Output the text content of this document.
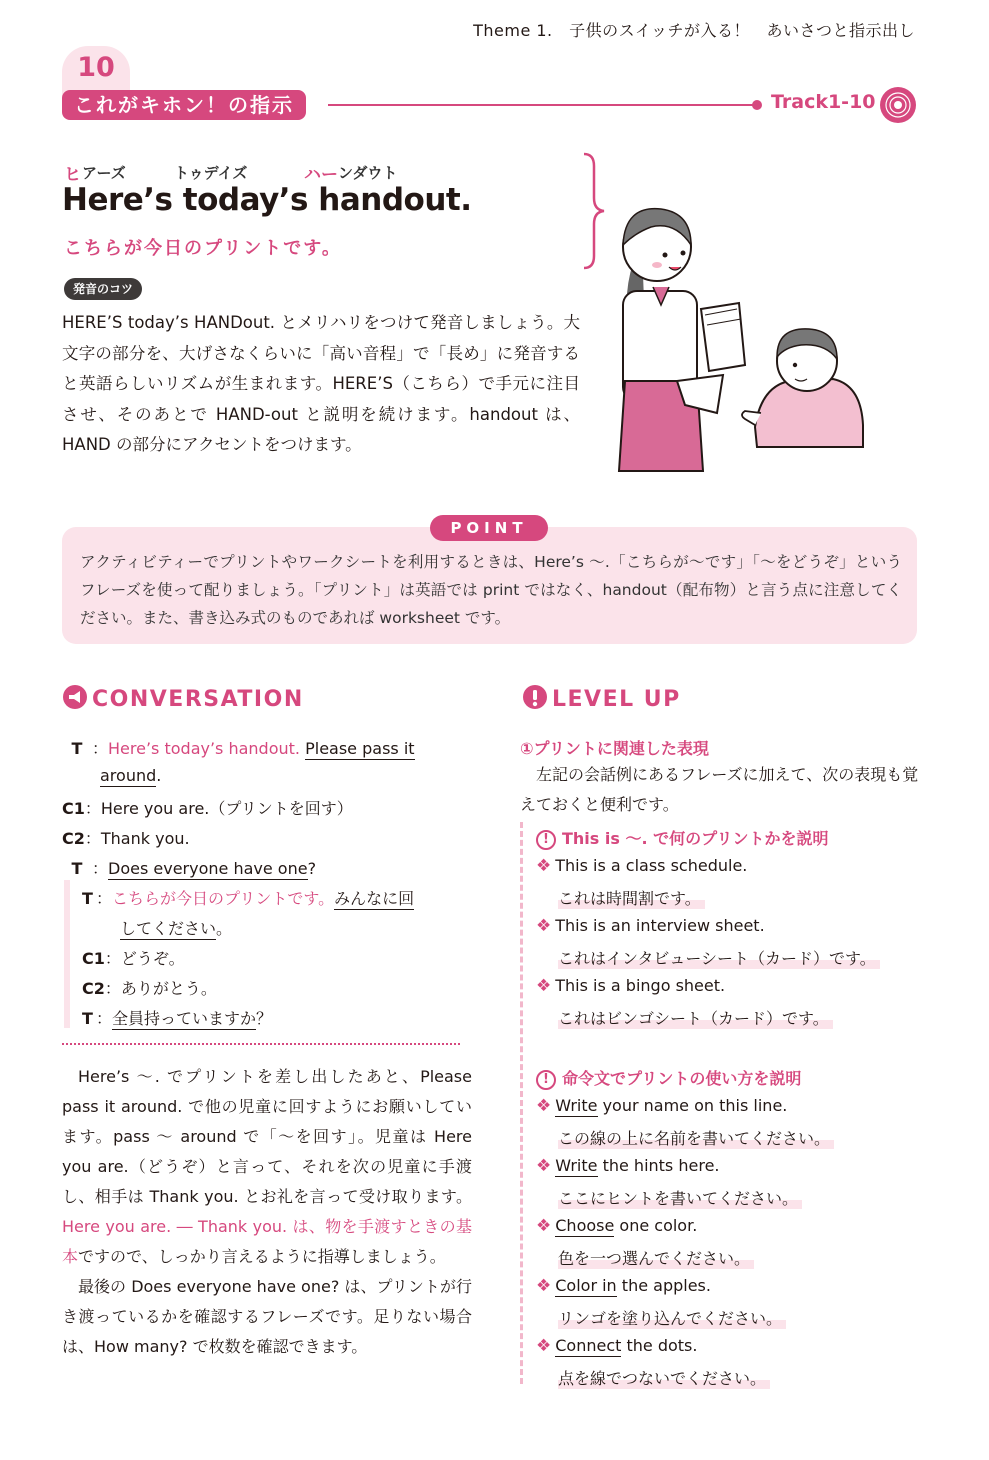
Theme 1.　子供のスイッチが入る！　あいさつと指示出し
10
これがキホン！の指示	Track1-10
ヒ アーズ	トゥデイズ	ハー ンダウト
Here’s today’s handout.
こちらが今日のプリントです。
発音のコツ
HERE’S today’s HANDout. とメリハリをつけて発音しましょう。大文字の部分を、大げさなくらいに「高い音程」で「長め」に発音すると英語らしいリズムが生まれます。HERE’S（こちら）で手元に注目させ、そのあとで HAND-out と説明を続けます。handout は、HAND の部分にアクセントをつけます。
POINT
アクティビティーでプリントやワークシートを利用するときは、Here’s 〜.「こちらが〜です」「〜をどうぞ」というフレーズを使って配りましょう。「プリント」は英語では print ではなく、handout（配布物）と言う点に注意してください。また、書き込み式のものであれば worksheet です。
CONVERSATION
T ：Here’s today’s handout. Please pass it
around.
C1：Here you are.（プリントを回す）
C2：Thank you.
T ：Does everyone have one?
T ：こちらが今日のプリントです。みんなに回
してください。
C1：どうぞ。
C2：ありがとう。
T ：全員持っていますか？

Here’s 〜. でプリントを差し出したあと、Please pass it around. で他の児童に回すようにお願いしています。pass 〜 around で「〜を回す」。児童は Here you are.（どうぞ）と言って、それを次の児童に手渡し、相手は Thank you. とお礼を言って受け取ります。Here you are. ― Thank you. は、物を手渡すときの基本ですので、しっかり言えるように指導しましょう。

最後の Does everyone have one? は、プリントが行き渡っているかを確認するフレーズです。足りない場合は、How many? で枚数を確認できます。

LEVEL UP
①プリントに関連した表現
左記の会話例にあるフレーズに加えて、次の表現も覚えておくと便利です。
! This is 〜. で何のプリントかを説明
❖ This is a class schedule.
これは時間割です。
❖ This is an interview sheet.
これはインタビューシート（カード）です。
❖ This is a bingo sheet.
これはビンゴシート（カード）です。
! 命令文でプリントの使い方を説明
❖ Write your name on this line.
この線の上に名前を書いてください。
❖ Write the hints here.
ここにヒントを書いてください。
❖ Choose one color.
色を一つ選んでください。
❖ Color in the apples.
リンゴを塗り込んでください。
❖ Connect the dots.
点を線でつないでください。
